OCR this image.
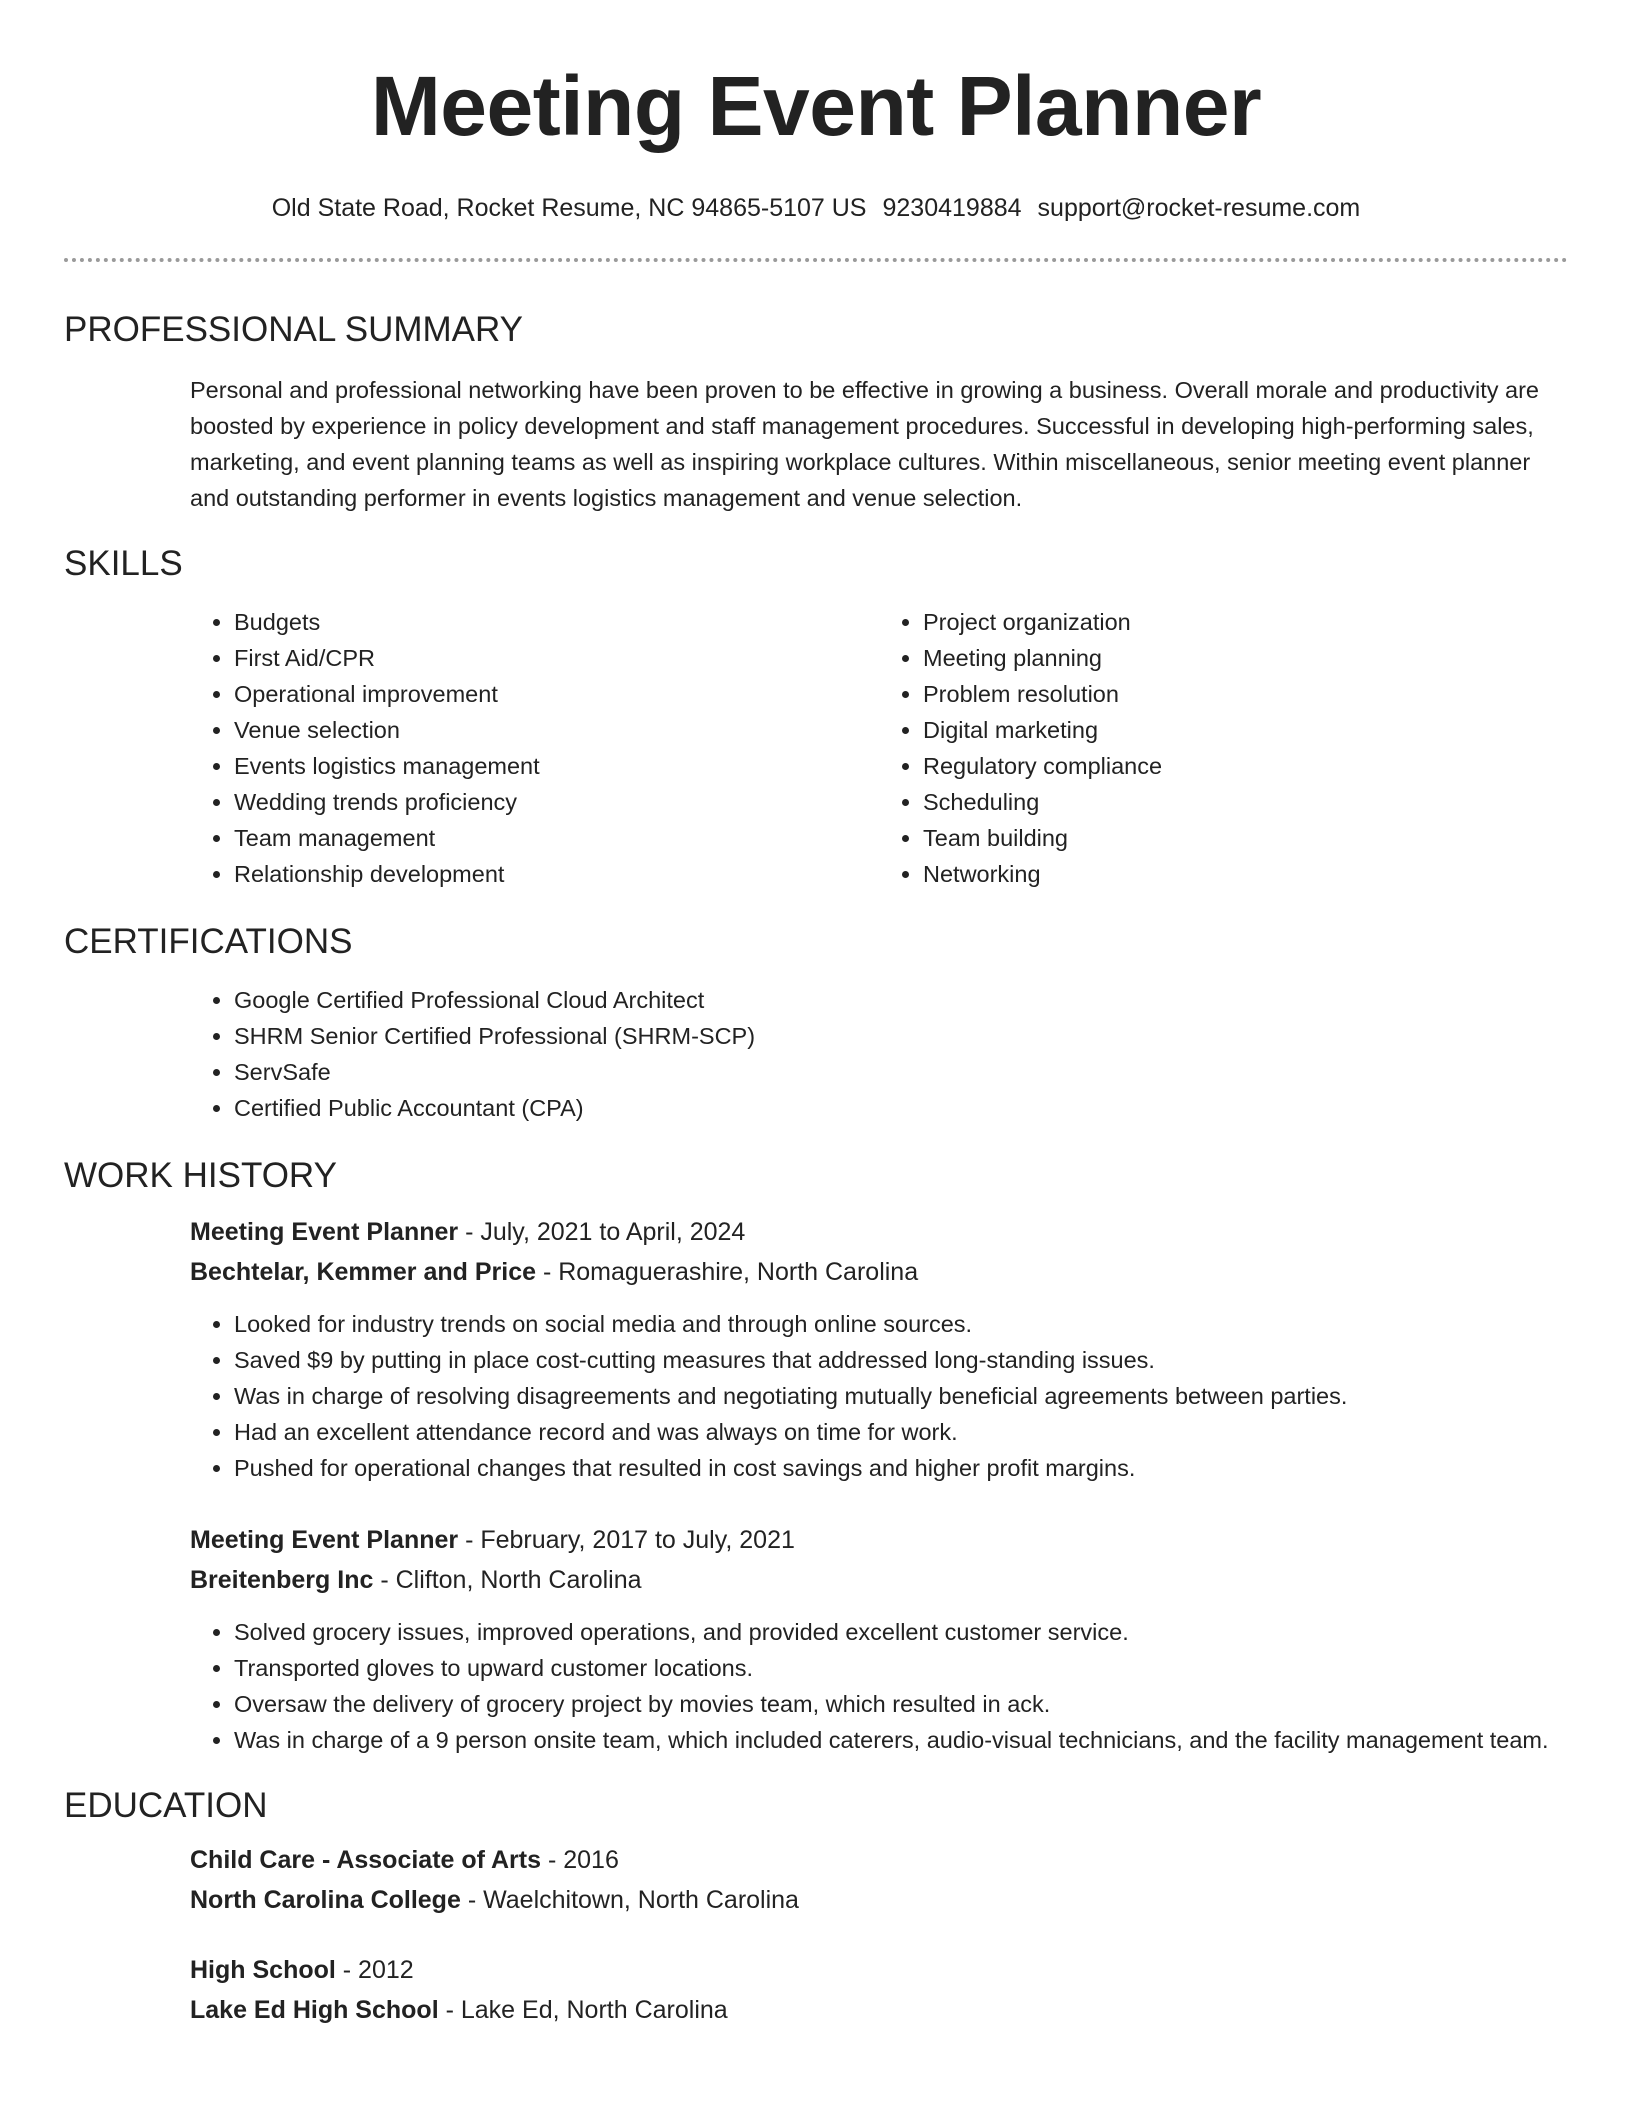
Meeting Event Planner
Old State Road, Rocket Resume, NC 94865-5107 US 9230419884 support@rocket-resume.com
PROFESSIONAL SUMMARY

Personal and professional networking have been proven to be effective in growing a business. Overall morale and productivity are boosted by experience in policy development and staff management procedures. Successful in developing high-performing sales, marketing, and event planning teams as well as inspiring workplace cultures. Within miscellaneous, senior meeting event planner and outstanding performer in events logistics management and venue selection.

SKILLS
• Budgets
• First Aid/CPR
• Operational improvement
• Venue selection
• Events logistics management
• Wedding trends proficiency
• Team management
• Relationship development
• Project organization
• Meeting planning
• Problem resolution
• Digital marketing
• Regulatory compliance
• Scheduling
• Team building
• Networking
CERTIFICATIONS
• Google Certified Professional Cloud Architect
• SHRM Senior Certified Professional (SHRM-SCP)
• ServSafe
• Certified Public Accountant (CPA)
WORK HISTORY
Meeting Event Planner - July, 2021 to April, 2024
Bechtelar, Kemmer and Price - Romaguerashire, North Carolina
• Looked for industry trends on social media and through online sources.
• Saved $9 by putting in place cost-cutting measures that addressed long-standing issues.
• Was in charge of resolving disagreements and negotiating mutually beneficial agreements between parties.
• Had an excellent attendance record and was always on time for work.
• Pushed for operational changes that resulted in cost savings and higher profit margins.
Meeting Event Planner - February, 2017 to July, 2021
Breitenberg Inc - Clifton, North Carolina
• Solved grocery issues, improved operations, and provided excellent customer service.
• Transported gloves to upward customer locations.
• Oversaw the delivery of grocery project by movies team, which resulted in ack.
• Was in charge of a 9 person onsite team, which included caterers, audio-visual technicians, and the facility management team.
EDUCATION
Child Care - Associate of Arts - 2016
North Carolina College - Waelchitown, North Carolina
High School - 2012
Lake Ed High School - Lake Ed, North Carolina
